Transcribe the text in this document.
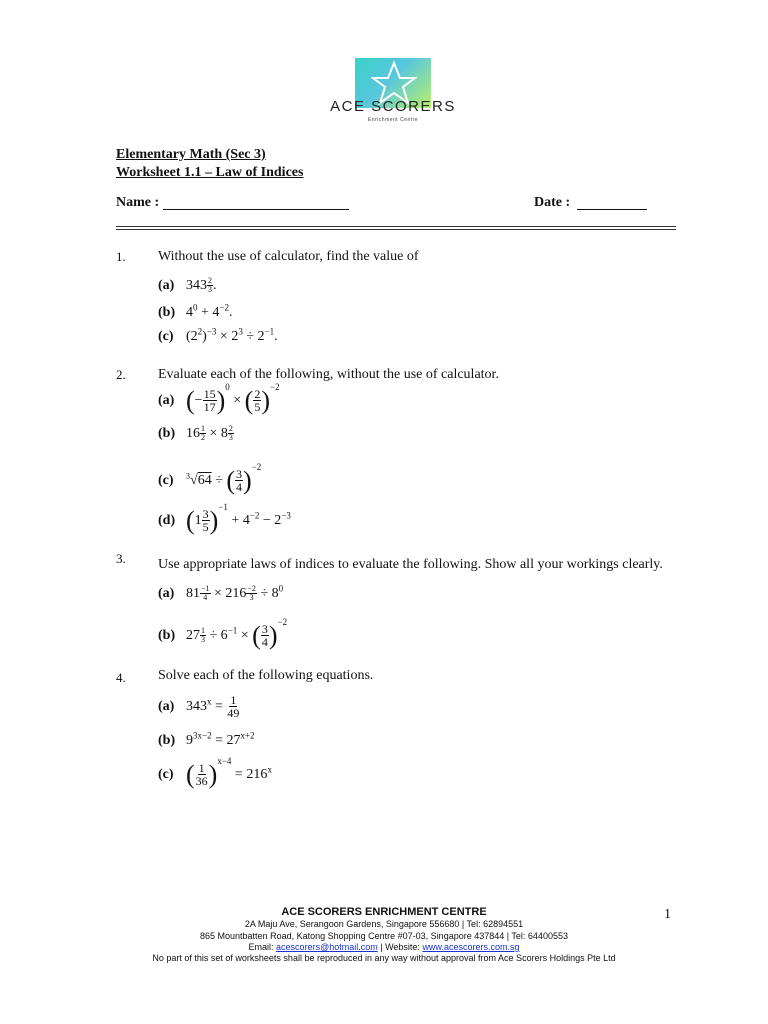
ACE SCORERS
Enrichment Centre
Elementary Math (Sec 3)
Worksheet 1.1 – Law of Indices
Name :	Date :
1. Without the use of calculator, find the value of
(a) $343 \frac{2}{3}$ .
(b) $4^0 + 4^{-2}$.
(c) $(2^2)^{-3} \times 2^3 \div 2^{-1}$.
2. Evaluate each of the following, without the use of calculator.
(a) (− $\frac{15}{17} )^0$ × ( $\frac{2}{5} )^{-2}$
(b) $16 \frac{1}{2} \times 8 \frac{2}{3}$
(c) $^3$√64 ÷ ( $\frac{3}{4} )^{-2}$
(d) $(1 \frac{3}{5} )^{-1} + 4^{-2} - 2^{-3}$
3. Use appropriate laws of indices to evaluate the following. Show all your workings clearly.
(a) $81 \frac{-1}{4} \times 216 \frac{-2}{3} \div 8^0$
(b) $27 \frac{1}{3} \div 6^{-1}$ × ( $\frac{3}{4} )^{-2}$
4. Solve each of the following equations.
(a) $343^x = \frac{1}{49}$
(b) $9^{3x-2} = 27^{x+2}$
(c) ( $\frac{1}{36} )^{x-4} = 216^x$
ACE SCORERS ENRICHMENT CENTRE
2A Maju Ave, Serangoon Gardens, Singapore 556680 | Tel: 62894551
865 Mountbatten Road, Katong Shopping Centre #07-03, Singapore 437844 | Tel: 64400553
Email: acescorers@hotmail.com | Website: www.acescorers.com.sg
No part of this set of worksheets shall be reproduced in any way without approval from Ace Scorers Holdings Pte Ltd
1
